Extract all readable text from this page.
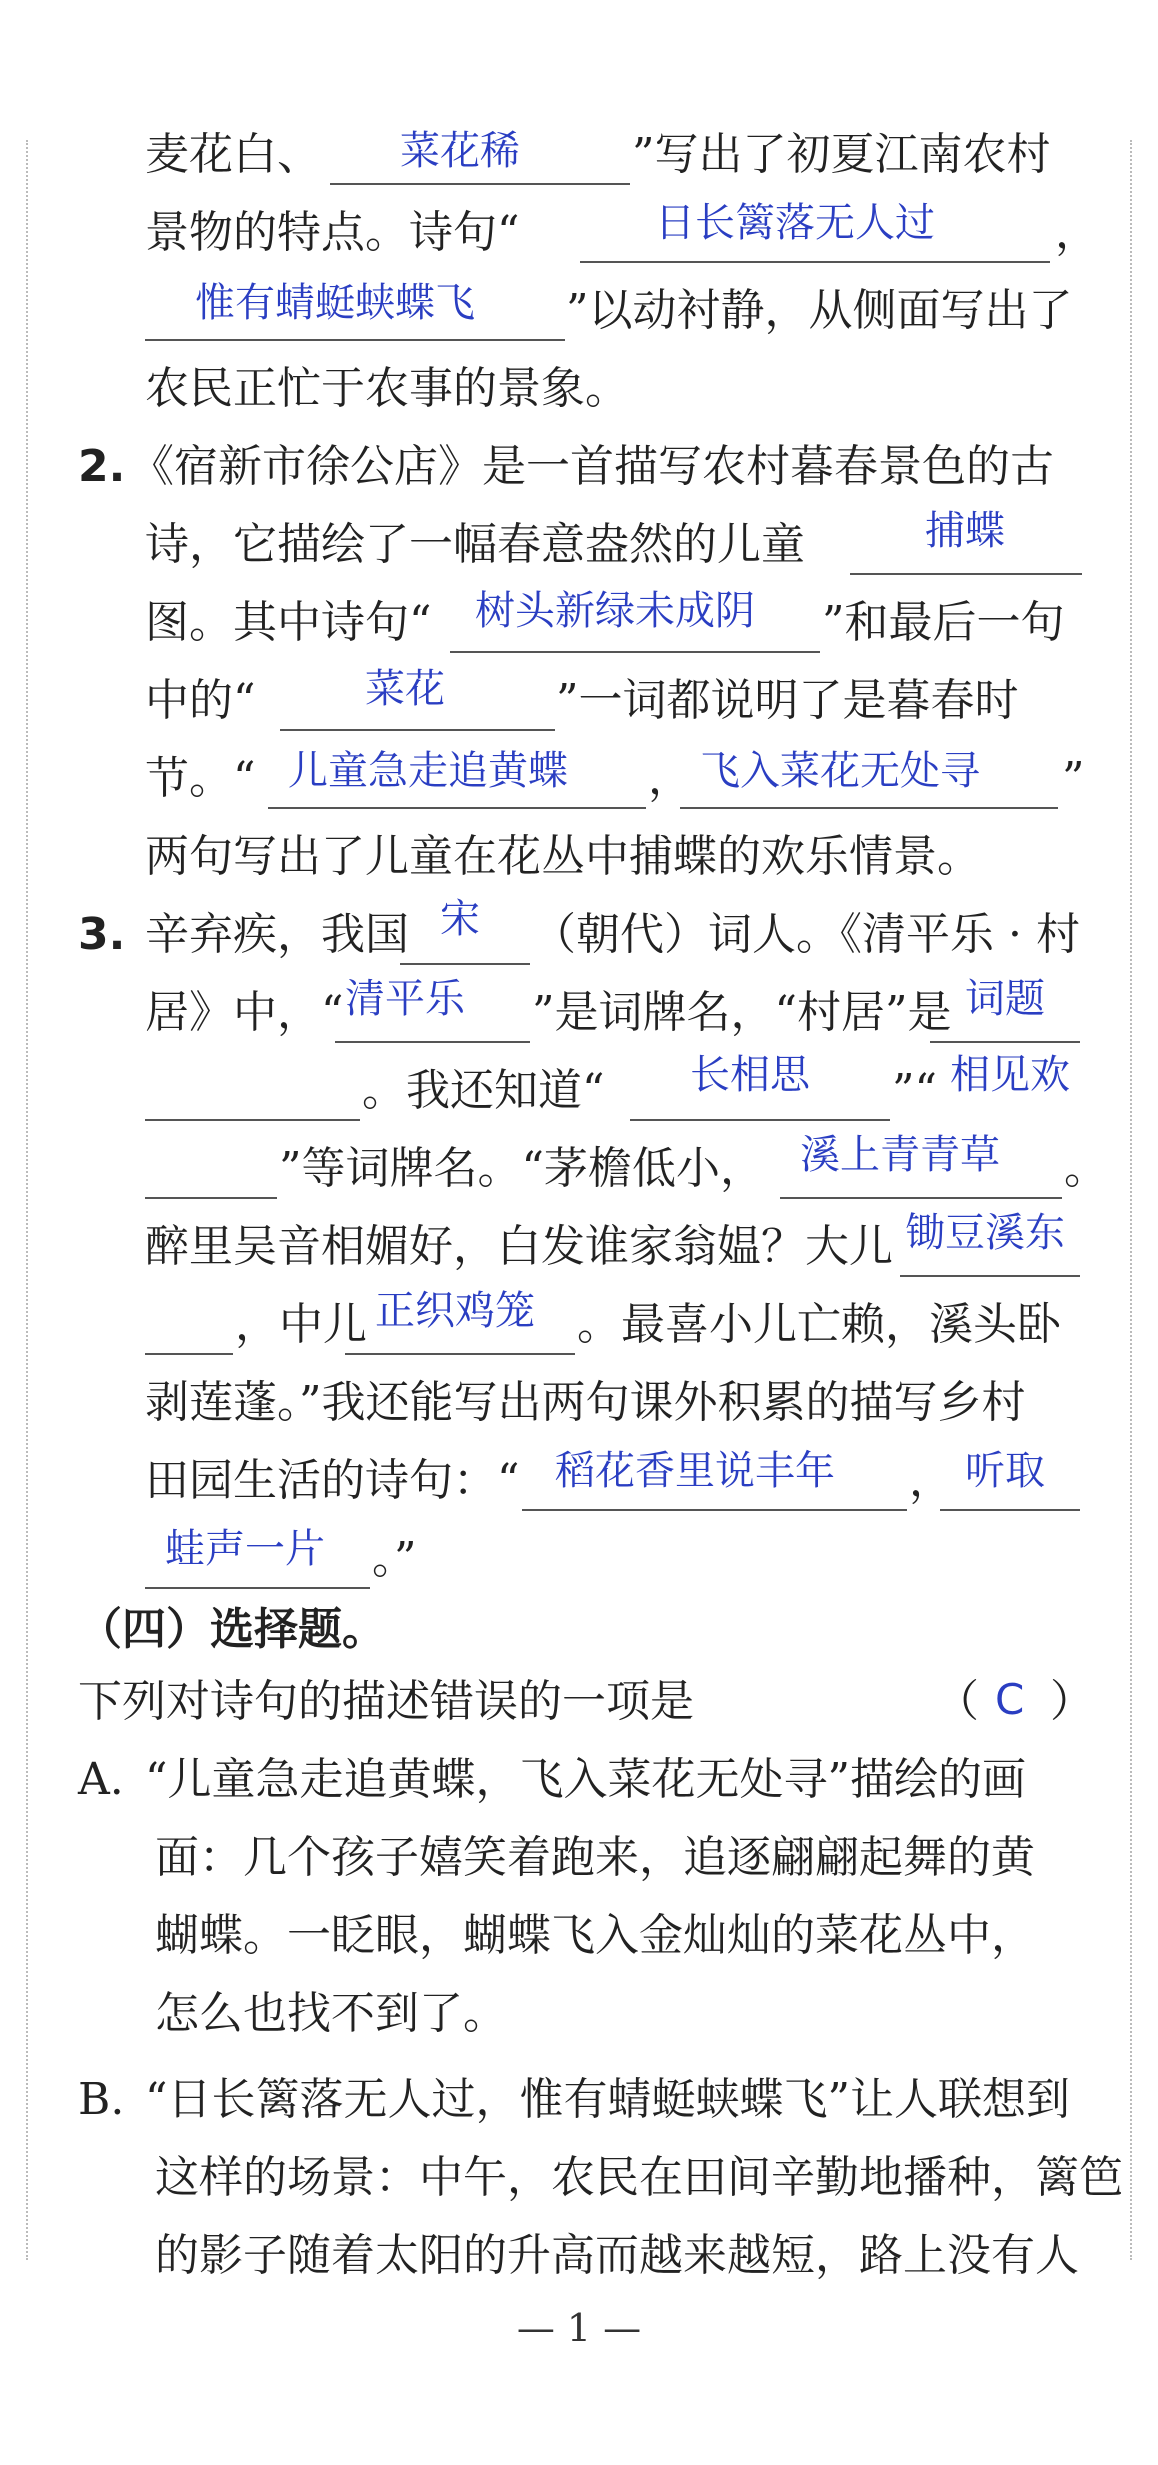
麦花白、 菜花稀	”写出了初夏江南农村
景物的特点。诗句“	日长篱落无人过	，
惟有蜻蜓蛱蝶飞 ”以动衬静，从侧面写出了
农民正忙于农事的景象。
2. 《宿新市徐公店》是一首描写农村暮春景色的古
诗，它描绘了一幅春意盎然的儿童	捕蝶
图。其中诗句“ 树头新绿未成阴 ”和最后一句
中的“	菜花	”一词都说明了是暮春时
节。“ 儿童急走追黄蝶 ， 飞入菜花无处寻 ”
两句写出了儿童在花丛中捕蝶的欢乐情景。
3. 辛弃疾，我国 宋 （朝代）词人。《清平乐 · 村
居》中，“ 清平乐 ”是词牌名，“村居”是 词题
。我还知道“ 长相思 ”“ 相见欢
”等词牌名。“茅檐低小， 溪上青青草 。
醉里吴音相媚好，白发谁家翁媪？大儿 锄豆溪东
，中儿 正织鸡笼 。最喜小儿亡赖，溪头卧
剥莲蓬。”我还能写出两句课外积累的描写乡村
田园生活的诗句：“ 稻花香里说丰年 ， 听取
蛙声一片 。”
（四）选择题。
下列对诗句的描述错误的一项是	（ C ）
A. “儿童急走追黄蝶，飞入菜花无处寻”描绘的画
面：几个孩子嬉笑着跑来，追逐翩翩起舞的黄
蝴蝶。一眨眼，蝴蝶飞入金灿灿的菜花丛中，
怎么也找不到了。
B. “日长篱落无人过，惟有蜻蜓蛱蝶飞”让人联想到
这样的场景：中午，农民在田间辛勤地播种，篱笆
的影子随着太阳的升高而越来越短，路上没有人
— 1 —
